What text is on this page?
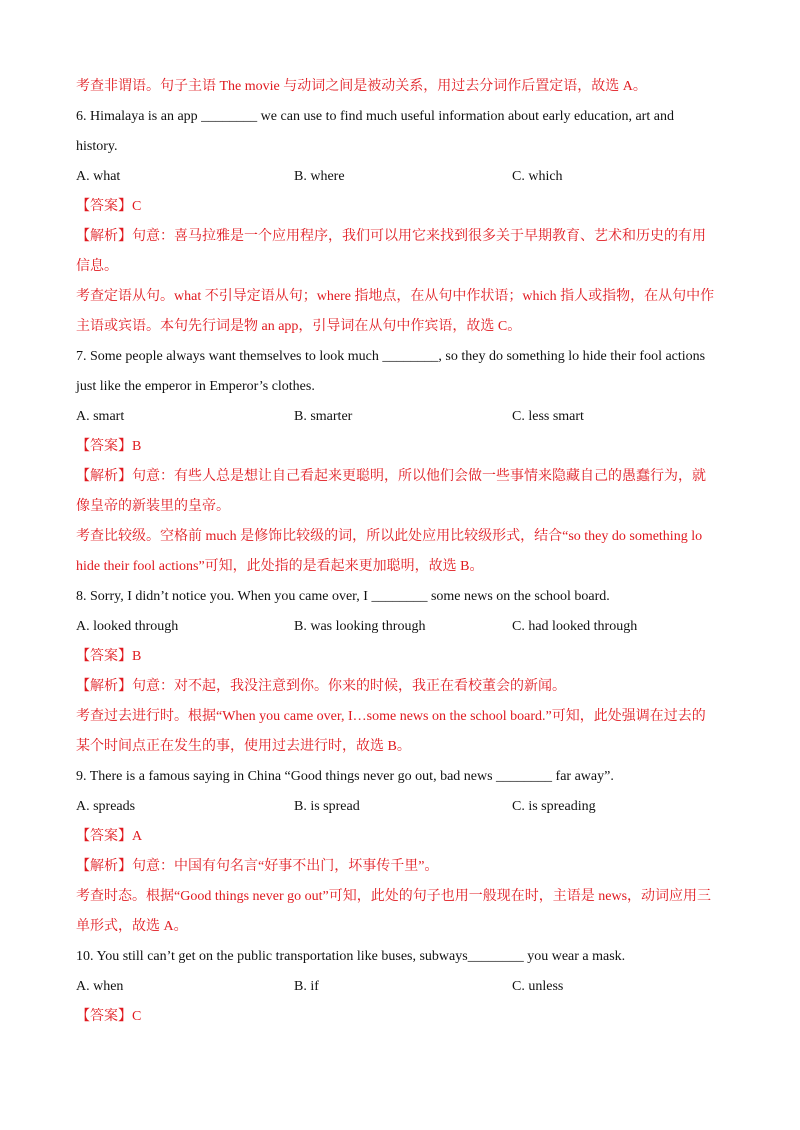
考查非谓语。句子主语 The movie 与动词之间是被动关系，用过去分词作后置定语，故选 A。
6. Himalaya is an app ________ we can use to find much useful information about early education, art and
history.
A. what	B. where	C. which
【答案】C
【解析】句意：喜马拉雅是一个应用程序，我们可以用它来找到很多关于早期教育、艺术和历史的有用
信息。
考查定语从句。what 不引导定语从句；where 指地点，在从句中作状语；which 指人或指物，在从句中作
主语或宾语。本句先行词是物 an app，引导词在从句中作宾语，故选 C。
7. Some people always want themselves to look much ________, so they do something lo hide their fool actions
just like the emperor in Emperor’s clothes.
A. smart	B. smarter	C. less smart
【答案】B
【解析】句意：有些人总是想让自己看起来更聪明，所以他们会做一些事情来隐藏自己的愚蠢行为，就
像皇帝的新装里的皇帝。
考查比较级。空格前 much 是修饰比较级的词，所以此处应用比较级形式，结合“so they do something lo
hide their fool actions”可知，此处指的是看起来更加聪明，故选 B。
8. Sorry, I didn’t notice you. When you came over, I ________ some news on the school board.
A. looked through	B. was looking through	C. had looked through
【答案】B
【解析】句意：对不起，我没注意到你。你来的时候，我正在看校董会的新闻。
考查过去进行时。根据“When you came over, I…some news on the school board.”可知，此处强调在过去的
某个时间点正在发生的事，使用过去进行时，故选 B。
9. There is a famous saying in China “Good things never go out, bad news ________ far away”.
A. spreads	B. is spread	C. is spreading
【答案】A
【解析】句意：中国有句名言“好事不出门，坏事传千里”。
考查时态。根据“Good things never go out”可知，此处的句子也用一般现在时，主语是 news，动词应用三
单形式，故选 A。
10. You still can’t get on the public transportation like buses, subways________ you wear a mask.
A. when	B. if	C. unless
【答案】C
